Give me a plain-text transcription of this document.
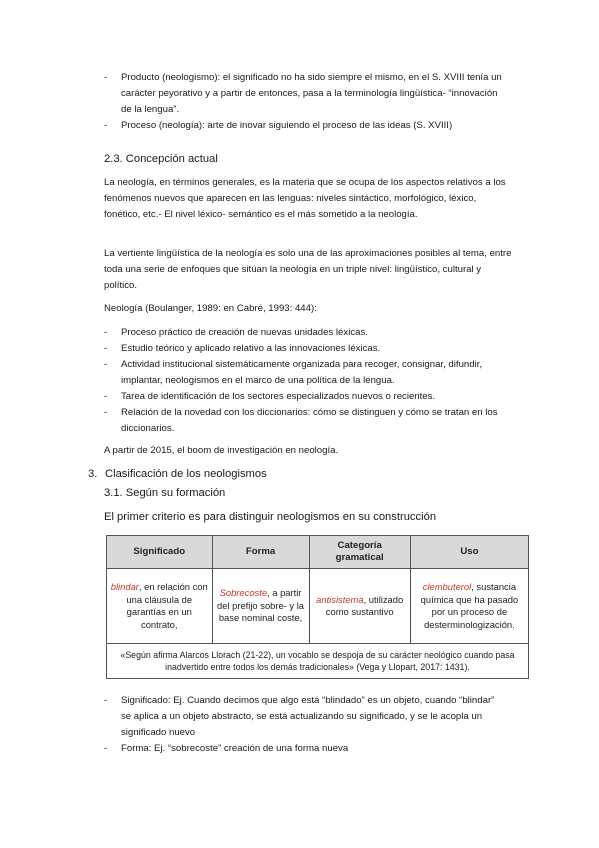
- Producto (neologismo): el significado no ha sido siempre el mismo, en el S. XVIII tenía un carácter peyorativo y a partir de entonces, pasa a la terminología lingüística- “innovación de la lengua”.
- Proceso (neología): arte de inovar siguiendo el proceso de las ideas (S. XVIII)
2.3. Concepción actual
La neología, en términos generales, es la materia que se ocupa de los aspectos relativos a los fenómenos nuevos que aparecen en las lenguas: niveles sintáctico, morfológico, léxico, fonético, etc.- El nivel léxico- semántico es el más sometido a la neología.
La vertiente lingüística de la neología es solo una de las aproximaciones posibles al tema, entre toda una serie de enfoques que sitúan la neología en un triple nivel: lingüístico, cultural y político.
Neología (Boulanger, 1989: en Cabré, 1993: 444):
- Proceso práctico de creación de nuevas unidades léxicas.
- Estudio teórico y aplicado relativo a las innovaciones léxicas.
- Actividad institucional sistemáticamente organizada para recoger, consignar, difundir, implantar, neologismos en el marco de una política de la lengua.
- Tarea de identificación de los sectores especializados nuevos o recientes.
- Relación de la novedad con los diccionarios: cómo se distinguen y cómo se tratan en los diccionarios.
A partir de 2015, el boom de investigación en neología.
3. Clasificación de los neologismos
3.1. Según su formación
El primer criterio es para distinguir neologismos en su construcción
Significado	Forma	Categoría gramatical	Uso
blindar, en relación con una cláusula de garantías en un contrato,	Sobrecoste, a partir del prefijo sobre- y la base nominal coste,	antisistema, utilizado como sustantivo	clembuterol, sustancia química que ha pasado por un proceso de desterminologización.
«Según afirma Alarcos Llorach (21-22), un vocablo se despoja de su carácter neológico cuando pasa inadvertido entre todos los demás tradicionales» (Vega y Llopart, 2017: 1431).			
- Significado: Ej. Cuando decimos que algo está “blindado” es un objeto, cuando “blindar” se aplica a un objeto abstracto, se está actualizando su significado, y se le acopla un significado nuevo
- Forma: Ej. “sobrecoste” creación de una forma nueva
